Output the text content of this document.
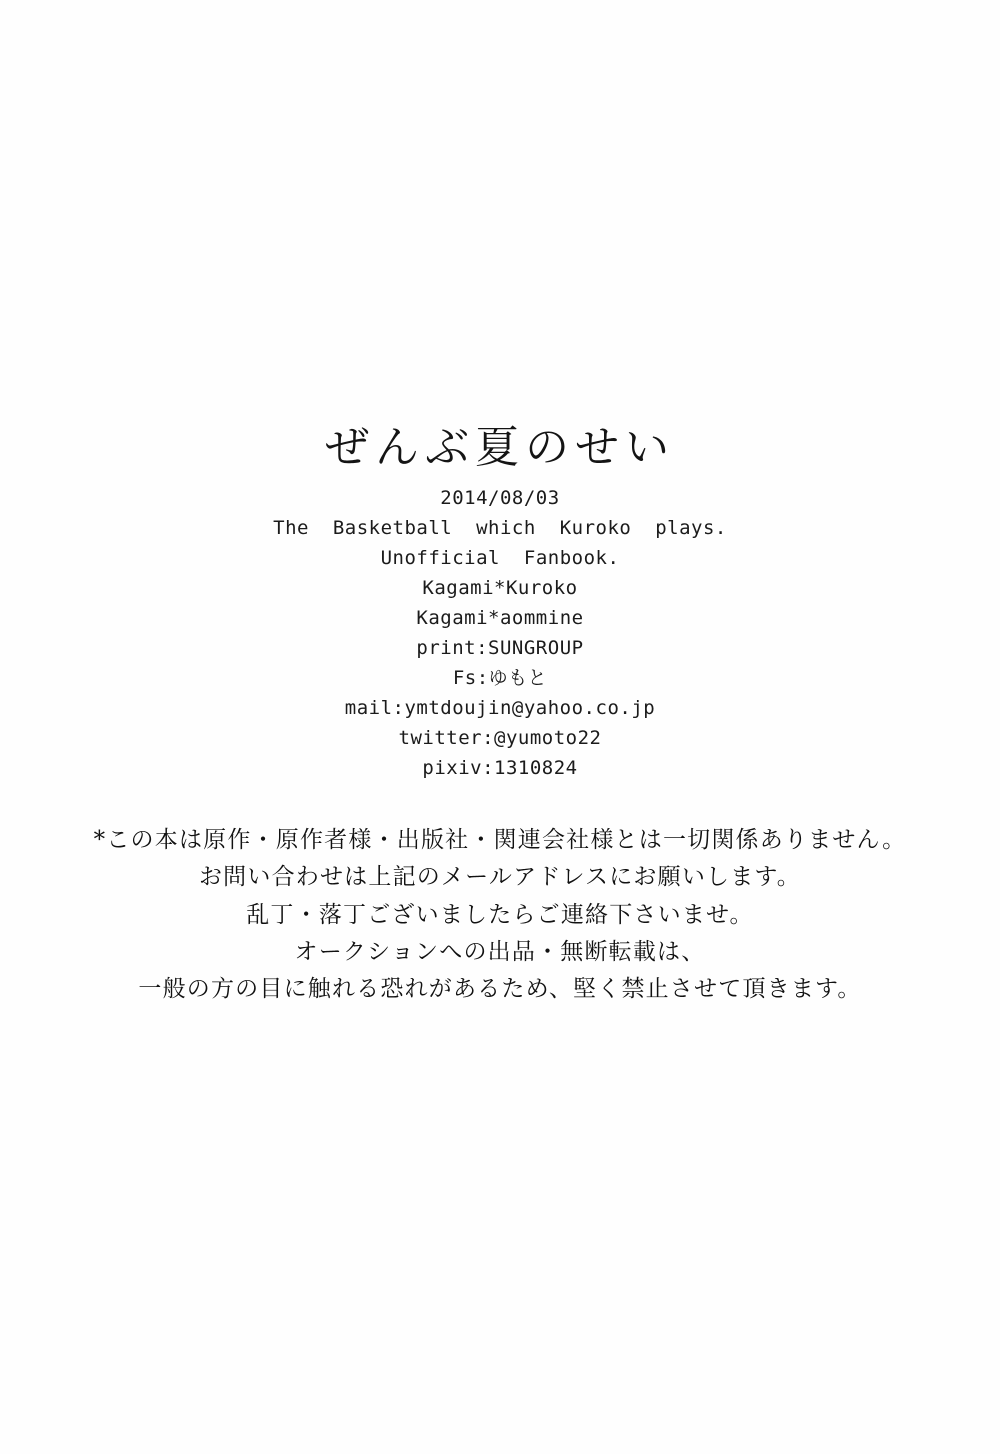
ぜんぶ夏のせい
2014/08/03
The  Basketball  which  Kuroko  plays.
Unofficial  Fanbook.
Kagami*Kuroko
Kagami*aommine
print:SUNGROUP
Fs:ゆもと
mail:ymtdoujin@yahoo.co.jp
twitter:@yumoto22
pixiv:1310824
*この本は原作・原作者様・出版社・関連会社様とは一切関係ありません。
お問い合わせは上記のメールアドレスにお願いします。
乱丁・落丁ございましたらご連絡下さいませ。
オークションへの出品・無断転載は、
一般の方の目に触れる恐れがあるため、堅く禁止させて頂きます。
